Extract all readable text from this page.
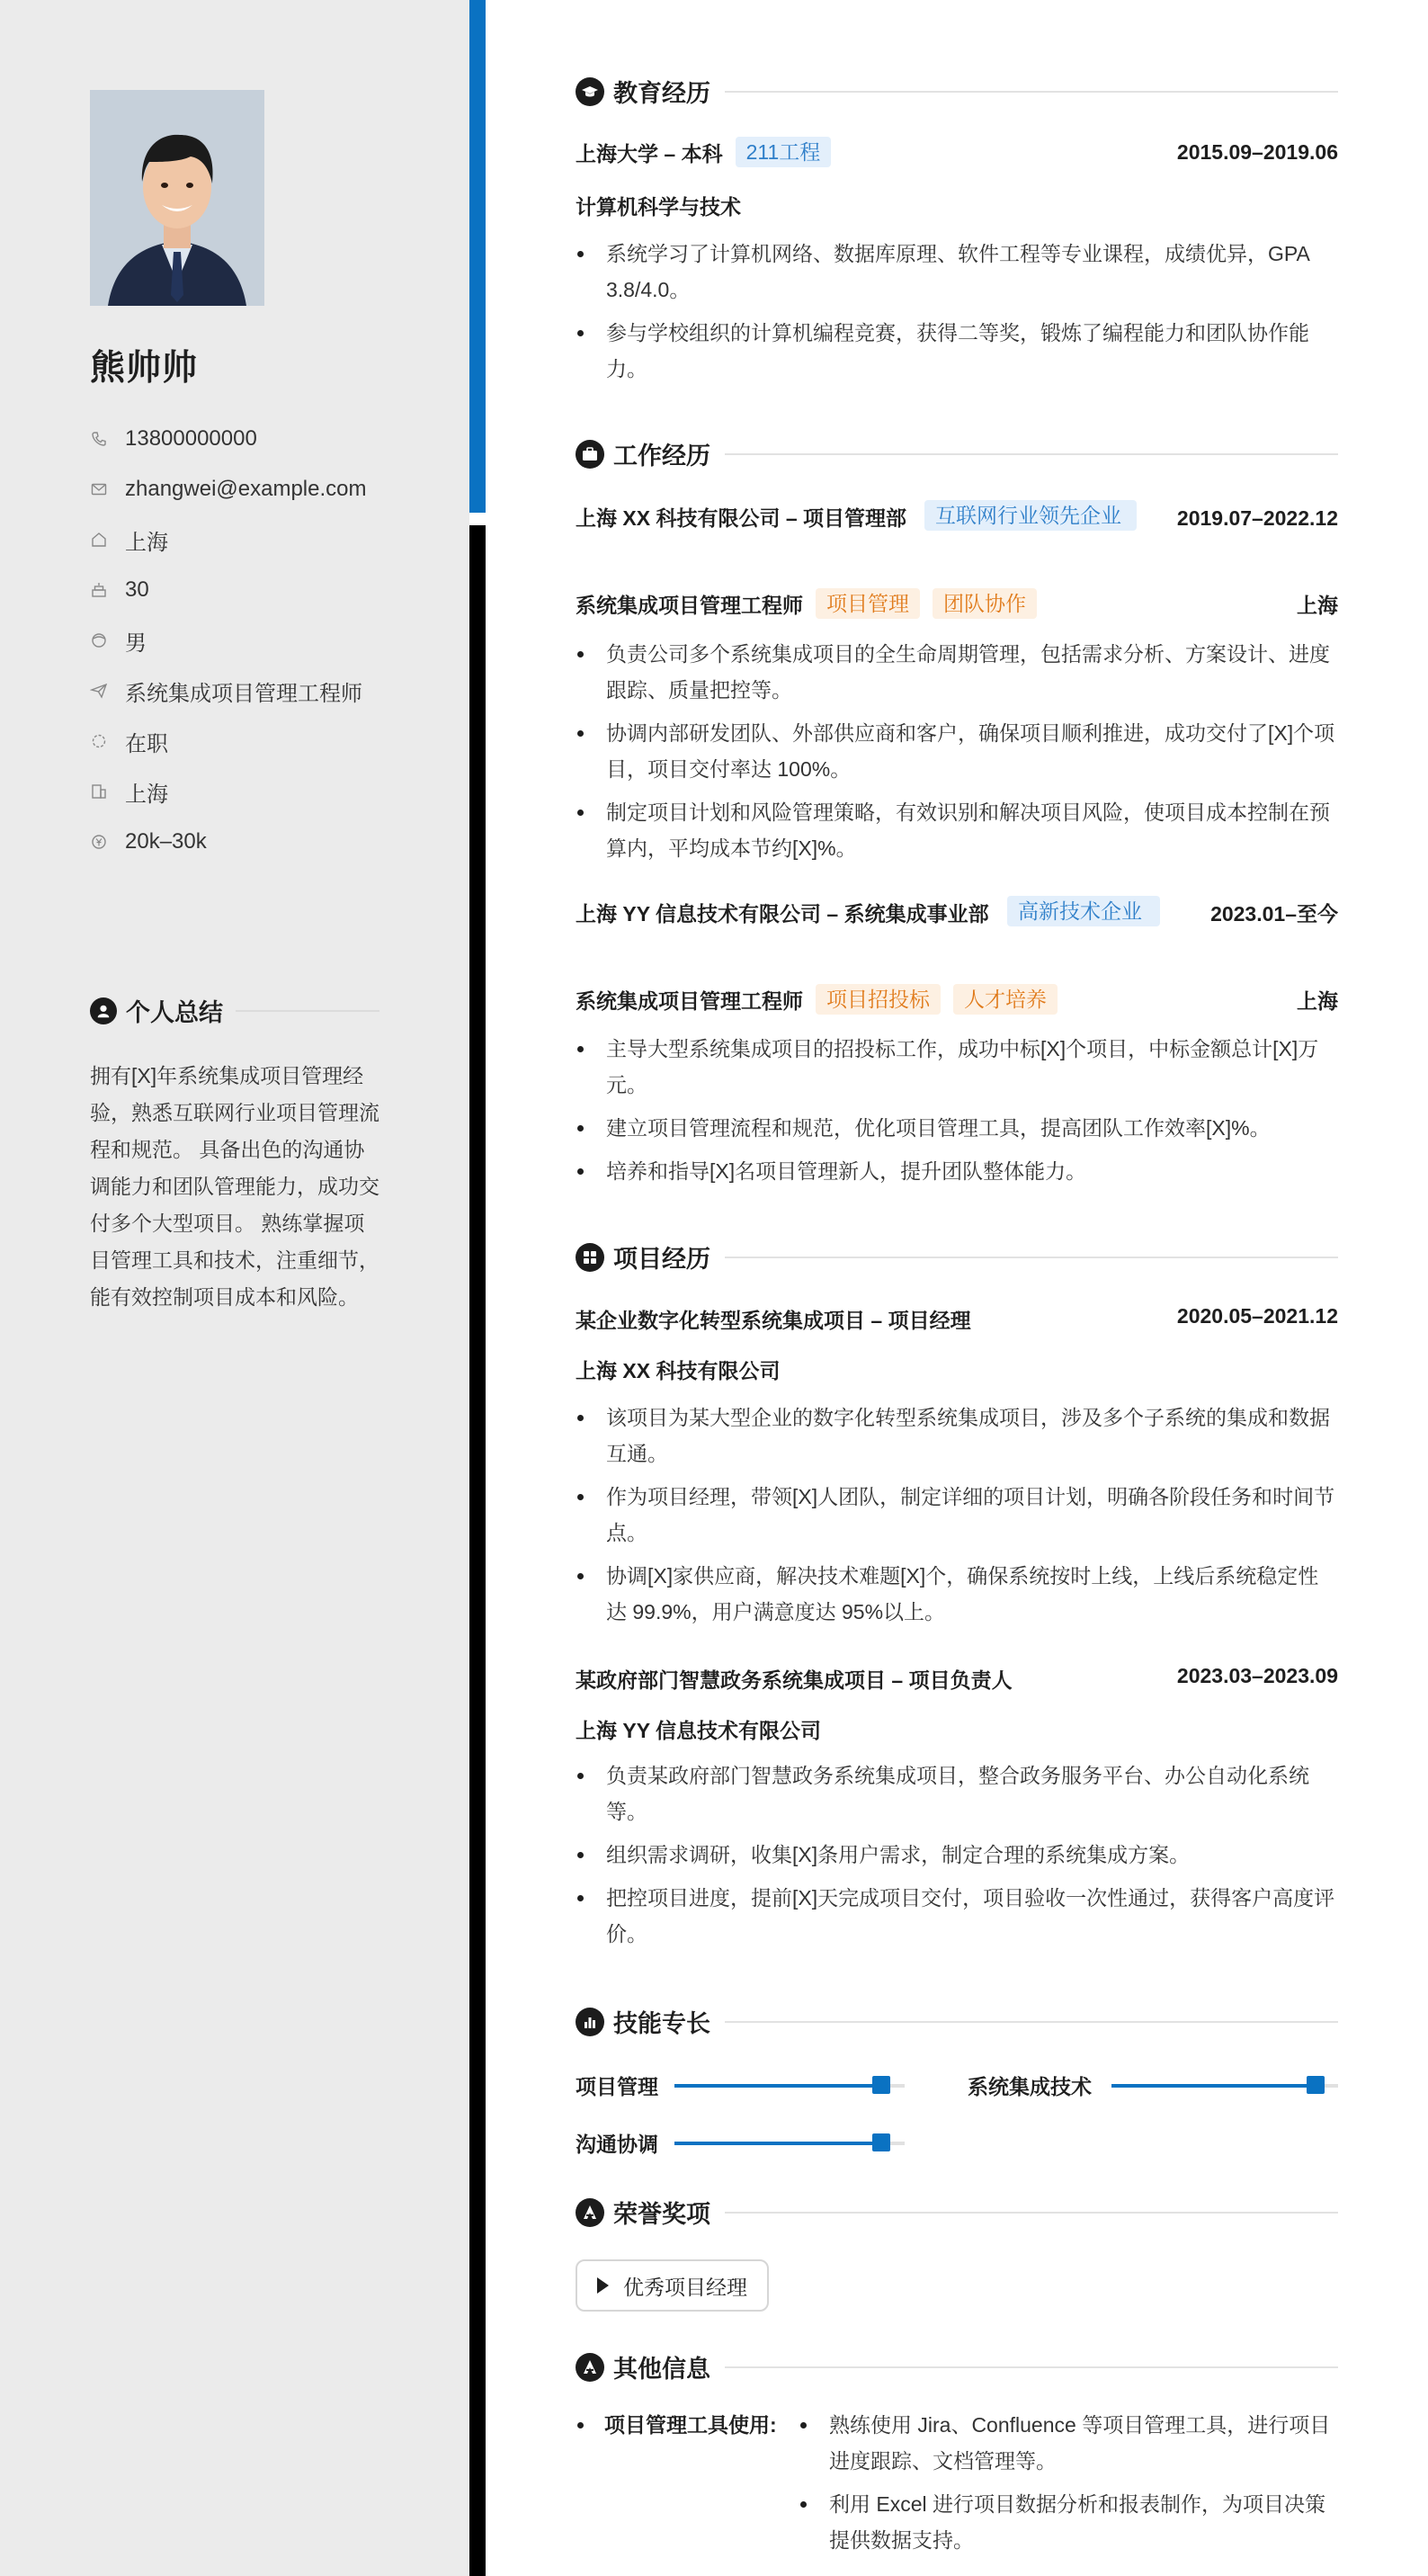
熊帅帅
13800000000
zhangwei@example.com
上海
30
男
系统集成项目管理工程师
在职
上海
20k–30k
个人总结
拥有[X]年系统集成项目管理经验，熟悉互联网行业项目管理流程和规范。 具备出色的沟通协调能力和团队管理能力，成功交付多个大型项目。 熟练掌握项目管理工具和技术，注重细节，能有效控制项目成本和风险。
教育经历
上海大学 – 本科	211工程	2015.09–2019.06
计算机科学与技术
系统学习了计算机网络、数据库原理、软件工程等专业课程，成绩优异，GPA 3.8/4.0。
参与学校组织的计算机编程竞赛，获得二等奖，锻炼了编程能力和团队协作能力。
工作经历
上海 XX 科技有限公司 – 项目管理部	互联网行业领先企业	2019.07–2022.12
系统集成项目管理工程师	项目管理	团队协作	上海
负责公司多个系统集成项目的全生命周期管理，包括需求分析、方案设计、进度跟踪、质量把控等。
协调内部研发团队、外部供应商和客户，确保项目顺利推进，成功交付了[X]个项目，项目交付率达 100%。
制定项目计划和风险管理策略，有效识别和解决项目风险，使项目成本控制在预算内，平均成本节约[X]%。
上海 YY 信息技术有限公司 – 系统集成事业部	高新技术企业	2023.01–至今
系统集成项目管理工程师	项目招投标	人才培养	上海
主导大型系统集成项目的招投标工作，成功中标[X]个项目，中标金额总计[X]万元。
建立项目管理流程和规范，优化项目管理工具，提高团队工作效率[X]%。
培养和指导[X]名项目管理新人，提升团队整体能力。
项目经历
某企业数字化转型系统集成项目 – 项目经理	2020.05–2021.12
上海 XX 科技有限公司
该项目为某大型企业的数字化转型系统集成项目，涉及多个子系统的集成和数据互通。
作为项目经理，带领[X]人团队，制定详细的项目计划，明确各阶段任务和时间节点。
协调[X]家供应商，解决技术难题[X]个，确保系统按时上线，上线后系统稳定性达 99.9%，用户满意度达 95%以上。
某政府部门智慧政务系统集成项目 – 项目负责人	2023.03–2023.09
上海 YY 信息技术有限公司
负责某政府部门智慧政务系统集成项目，整合政务服务平台、办公自动化系统等。
组织需求调研，收集[X]条用户需求，制定合理的系统集成方案。
把控项目进度，提前[X]天完成项目交付，项目验收一次性通过，获得客户高度评价。
技能专长
项目管理	系统集成技术
沟通协调
荣誉奖项
优秀项目经理
其他信息
项目管理工具使用:	熟练使用 Jira、Confluence 等项目管理工具，进行项目进度跟踪、文档管理等。
利用 Excel 进行项目数据分析和报表制作，为项目决策提供数据支持。
